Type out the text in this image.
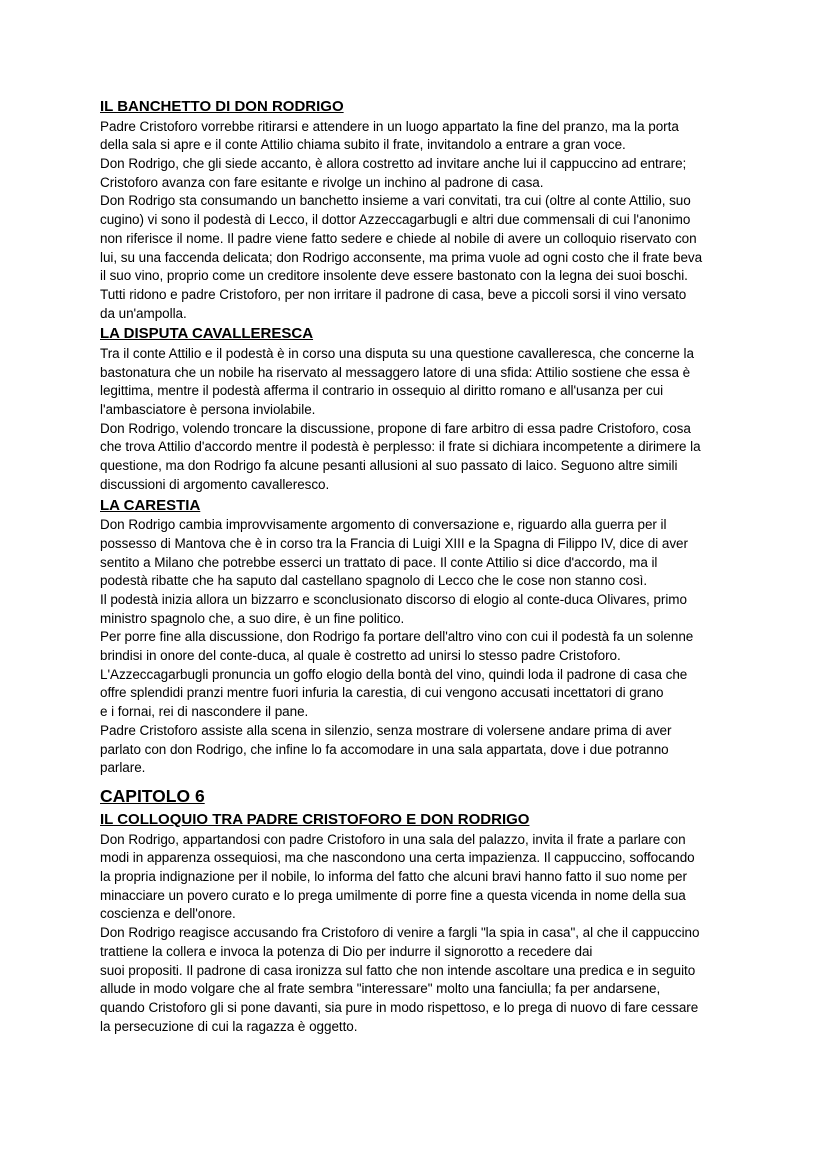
IL BANCHETTO DI DON RODRIGO
Padre Cristoforo vorrebbe ritirarsi e attendere in un luogo appartato la fine del pranzo, ma la porta
della sala si apre e il conte Attilio chiama subito il frate, invitandolo a entrare a gran voce.
Don Rodrigo, che gli siede accanto, è allora costretto ad invitare anche lui il cappuccino ad entrare;
Cristoforo avanza con fare esitante e rivolge un inchino al padrone di casa.
Don Rodrigo sta consumando un banchetto insieme a vari convitati, tra cui (oltre al conte Attilio, suo
cugino) vi sono il podestà di Lecco, il dottor Azzeccagarbugli e altri due commensali di cui l'anonimo
non riferisce il nome. Il padre viene fatto sedere e chiede al nobile di avere un colloquio riservato con
lui, su una faccenda delicata; don Rodrigo acconsente, ma prima vuole ad ogni costo che il frate beva
il suo vino, proprio come un creditore insolente deve essere bastonato con la legna dei suoi boschi.
Tutti ridono e padre Cristoforo, per non irritare il padrone di casa, beve a piccoli sorsi il vino versato
da un'ampolla.
LA DISPUTA CAVALLERESCA
Tra il conte Attilio e il podestà è in corso una disputa su una questione cavalleresca, che concerne la
bastonatura che un nobile ha riservato al messaggero latore di una sfida: Attilio sostiene che essa è
legittima, mentre il podestà afferma il contrario in ossequio al diritto romano e all'usanza per cui
l'ambasciatore è persona inviolabile.
Don Rodrigo, volendo troncare la discussione, propone di fare arbitro di essa padre Cristoforo, cosa
che trova Attilio d'accordo mentre il podestà è perplesso: il frate si dichiara incompetente a dirimere la
questione, ma don Rodrigo fa alcune pesanti allusioni al suo passato di laico. Seguono altre simili
discussioni di argomento cavalleresco.
LA CARESTIA
Don Rodrigo cambia improvvisamente argomento di conversazione e, riguardo alla guerra per il
possesso di Mantova che è in corso tra la Francia di Luigi XIII e la Spagna di Filippo IV, dice di aver
sentito a Milano che potrebbe esserci un trattato di pace. Il conte Attilio si dice d'accordo, ma il
podestà ribatte che ha saputo dal castellano spagnolo di Lecco che le cose non stanno così.
Il podestà inizia allora un bizzarro e sconclusionato discorso di elogio al conte-duca Olivares, primo
ministro spagnolo che, a suo dire, è un fine politico.
Per porre fine alla discussione, don Rodrigo fa portare dell'altro vino con cui il podestà fa un solenne
brindisi in onore del conte-duca, al quale è costretto ad unirsi lo stesso padre Cristoforo.
L'Azzeccagarbugli pronuncia un goffo elogio della bontà del vino, quindi loda il padrone di casa che
offre splendidi pranzi mentre fuori infuria la carestia, di cui vengono accusati incettatori di grano
e i fornai, rei di nascondere il pane.
Padre Cristoforo assiste alla scena in silenzio, senza mostrare di volersene andare prima di aver
parlato con don Rodrigo, che infine lo fa accomodare in una sala appartata, dove i due potranno
parlare.
CAPITOLO 6
IL COLLOQUIO TRA PADRE CRISTOFORO E DON RODRIGO
Don Rodrigo, appartandosi con padre Cristoforo in una sala del palazzo, invita il frate a parlare con
modi in apparenza ossequiosi, ma che nascondono una certa impazienza. Il cappuccino, soffocando
la propria indignazione per il nobile, lo informa del fatto che alcuni bravi hanno fatto il suo nome per
minacciare un povero curato e lo prega umilmente di porre fine a questa vicenda in nome della sua
coscienza e dell'onore.
Don Rodrigo reagisce accusando fra Cristoforo di venire a fargli "la spia in casa", al che il cappuccino
trattiene la collera e invoca la potenza di Dio per indurre il signorotto a recedere dai
suoi propositi. Il padrone di casa ironizza sul fatto che non intende ascoltare una predica e in seguito
allude in modo volgare che al frate sembra "interessare" molto una fanciulla; fa per andarsene,
quando Cristoforo gli si pone davanti, sia pure in modo rispettoso, e lo prega di nuovo di fare cessare
la persecuzione di cui la ragazza è oggetto.
